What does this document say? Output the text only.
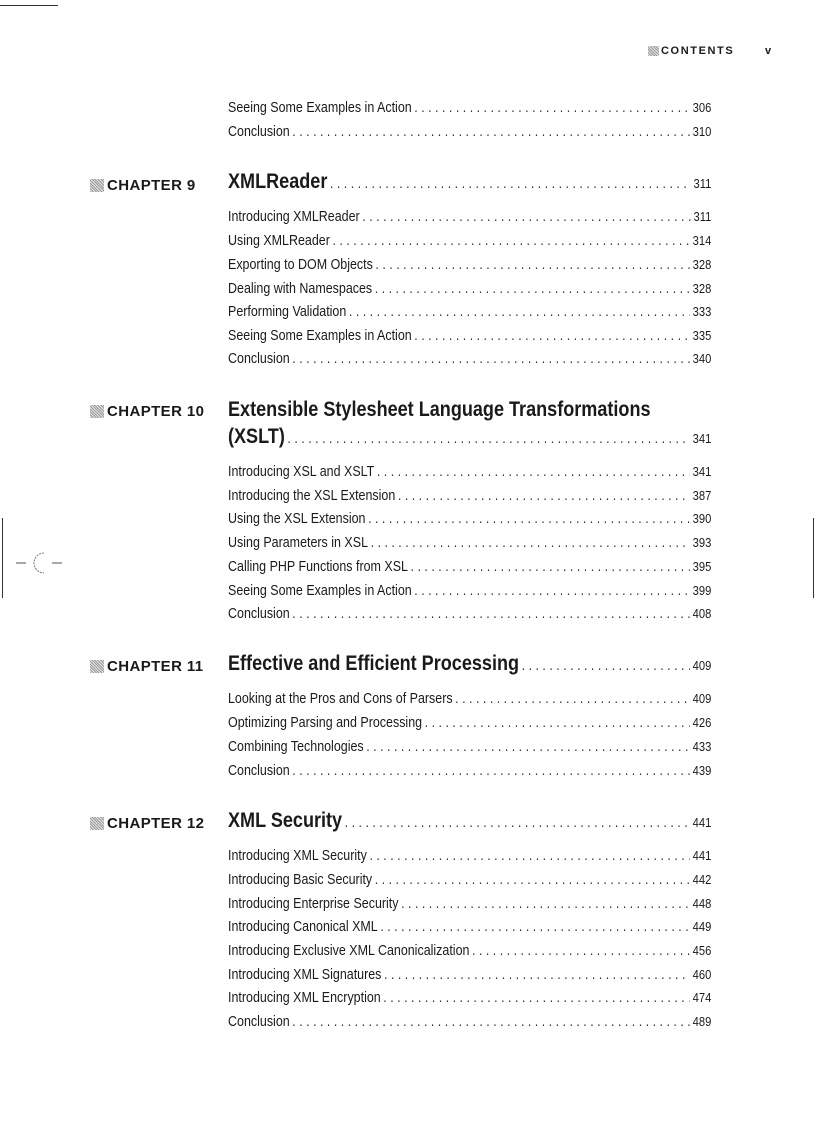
CONTENTS	v
Seeing Some Examples in Action . . .	306
Conclusion . . .	310
CHAPTER 9 XMLReader . . .	311
Introducing XMLReader . . .	311
Using XMLReader . . .	314
Exporting to DOM Objects . . .	328
Dealing with Namespaces . . .	328
Performing Validation . . .	333
Seeing Some Examples in Action . . .	335
Conclusion . . .	340
CHAPTER 10 Extensible Stylesheet Language Transformations
(XSLT) . . .	341
Introducing XSL and XSLT . . .	341
Introducing the XSL Extension . . .	387
Using the XSL Extension . . .	390
Using Parameters in XSL . . .	393
Calling PHP Functions from XSL . . .	395
Seeing Some Examples in Action . . .	399
Conclusion . . .	408
CHAPTER 11 Effective and Efficient Processing . . .	409
Looking at the Pros and Cons of Parsers . . .	409
Optimizing Parsing and Processing . . .	426
Combining Technologies . . .	433
Conclusion . . .	439
CHAPTER 12 XML Security . . .	441
Introducing XML Security . . .	441
Introducing Basic Security . . .	442
Introducing Enterprise Security . . .	448
Introducing Canonical XML . . .	449
Introducing Exclusive XML Canonicalization . . .	456
Introducing XML Signatures . . .	460
Introducing XML Encryption . . .	474
Conclusion . . .	489
